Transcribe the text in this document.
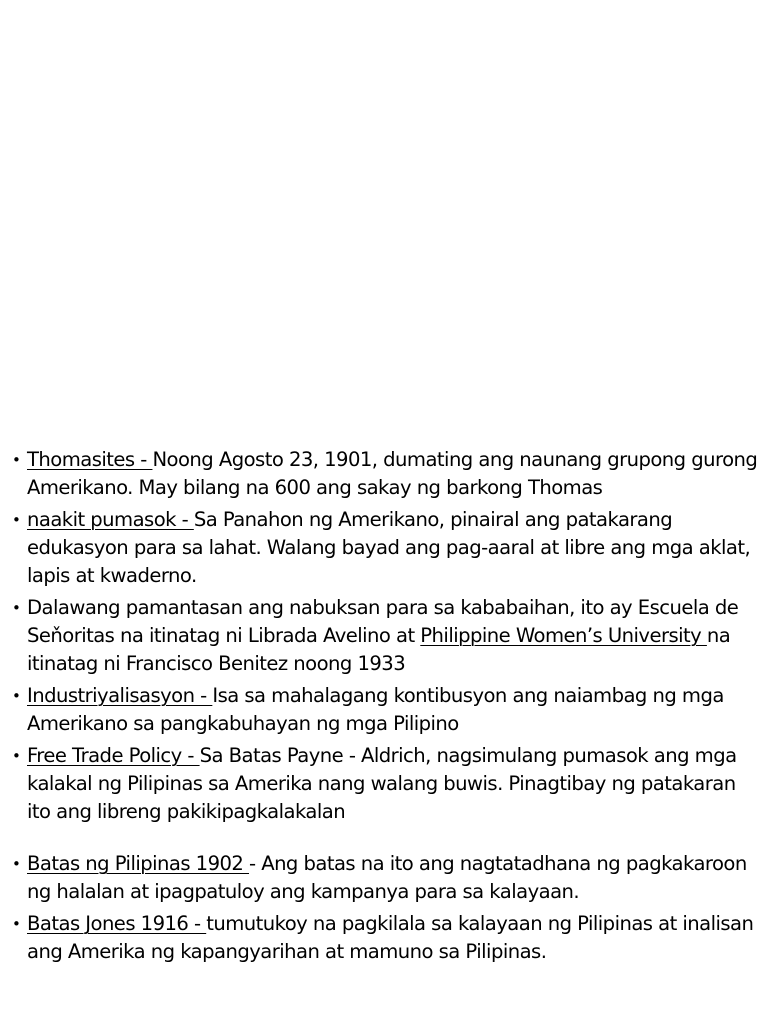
• Thomasites - Noong Agosto 23, 1901, dumating ang naunang grupong gurong Amerikano. May bilang na 600 ang sakay ng barkong Thomas
• naakit pumasok - Sa Panahon ng Amerikano, pinairal ang patakarang edukasyon para sa lahat. Walang bayad ang pag-aaral at libre ang mga aklat, lapis at kwaderno.
• Dalawang pamantasan ang nabuksan para sa kababaihan, ito ay Escuela de Seňoritas na itinatag ni Librada Avelino at Philippine Women’s University na itinatag ni Francisco Benitez noong 1933
• Industriyalisasyon - Isa sa mahalagang kontibusyon ang naiambag ng mga Amerikano sa pangkabuhayan ng mga Pilipino
• Free Trade Policy - Sa Batas Payne - Aldrich, nagsimulang pumasok ang mga kalakal ng Pilipinas sa Amerika nang walang buwis. Pinagtibay ng patakaran ito ang libreng pakikipagkalakalan
• Batas ng Pilipinas 1902 - Ang batas na ito ang nagtatadhana ng pagkakaroon ng halalan at ipagpatuloy ang kampanya para sa kalayaan.
• Batas Jones 1916 - tumutukoy na pagkilala sa kalayaan ng Pilipinas at inalisan ang Amerika ng kapangyarihan at mamuno sa Pilipinas.
